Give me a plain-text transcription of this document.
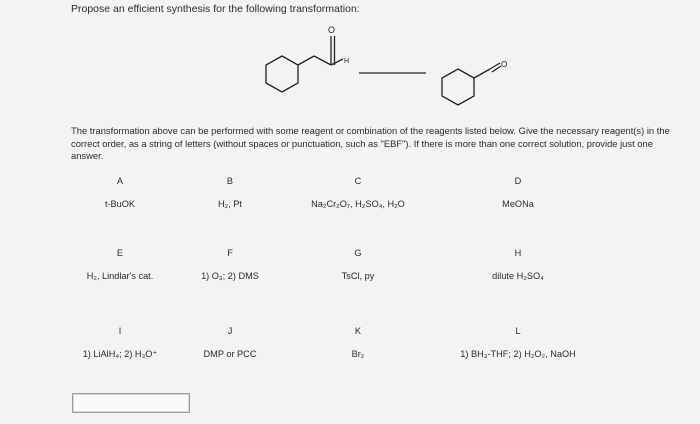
Propose an efficient synthesis for the following transformation:
O
H	O
The transformation above can be performed with some reagent or combination of the reagents listed below. Give the necessary reagent(s) in the correct order, as a string of letters (without spaces or punctuation, such as "EBF"). If there is more than one correct solution, provide just one answer.
A
t-BuOK
B
H₂, Pt
C
Na₂Cr₂O₇, H₂SO₄, H₂O
D
MeONa
E
H₂, Lindlar's cat.
F
1) O₃; 2) DMS
G
TsCl, py
H
dilute H₂SO₄
I
1) LiAlH₄; 2) H₃O⁺
J
DMP or PCC
K
Br₂
L
1) BH₃-THF; 2) H₂O₂, NaOH
